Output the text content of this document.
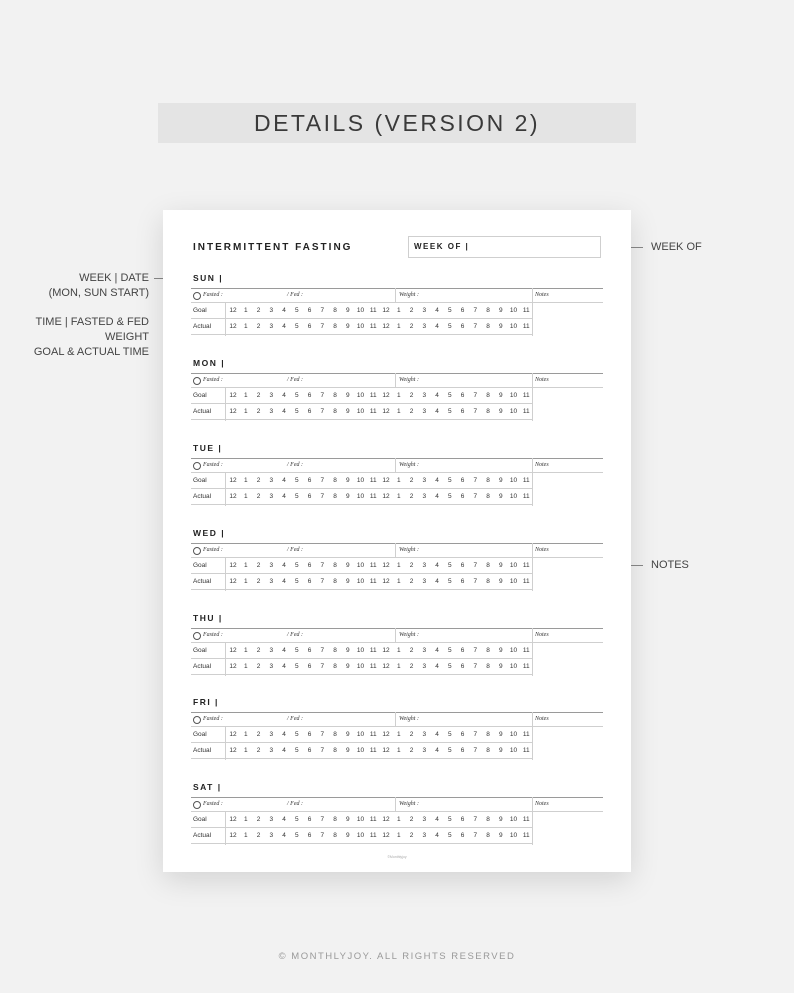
DETAILS (VERSION 2)
WEEK | DATE
(MON, SUN START)
TIME | FASTED & FED
WEIGHT
GOAL & ACTUAL TIME
WEEK OF
NOTES
INTERMITTENT FASTING	WEEK OF |
SUN |
Fasted :	/ Fed :	Weight :	Notes
Goal	12	1	2	3	4	5	6	7	8	9	10 11 12	1	2	3	4	5	6	7	8	9	10 11
Actual	12	1	2	3	4	5	6	7	8	9	10 11 12	1	2	3	4	5	6	7	8	9	10 11
MON |
Fasted :	/ Fed :	Weight :	Notes
Goal	12	1	2	3	4	5	6	7	8	9	10 11 12	1	2	3	4	5	6	7	8	9	10 11
Actual	12	1	2	3	4	5	6	7	8	9	10 11 12	1	2	3	4	5	6	7	8	9	10 11
TUE |
Fasted :	/ Fed :	Weight :	Notes
Goal	12	1	2	3	4	5	6	7	8	9	10 11 12	1	2	3	4	5	6	7	8	9	10 11
Actual	12	1	2	3	4	5	6	7	8	9	10 11 12	1	2	3	4	5	6	7	8	9	10 11
WED |
Fasted :	/ Fed :	Weight :	Notes
Goal	12	1	2	3	4	5	6	7	8	9	10 11 12	1	2	3	4	5	6	7	8	9	10 11
Actual	12	1	2	3	4	5	6	7	8	9	10 11 12	1	2	3	4	5	6	7	8	9	10 11
THU |
Fasted :	/ Fed :	Weight :	Notes
Goal	12	1	2	3	4	5	6	7	8	9	10 11 12	1	2	3	4	5	6	7	8	9	10 11
Actual	12	1	2	3	4	5	6	7	8	9	10 11 12	1	2	3	4	5	6	7	8	9	10 11
FRI |
Fasted :	/ Fed :	Weight :	Notes
Goal	12	1	2	3	4	5	6	7	8	9	10 11 12	1	2	3	4	5	6	7	8	9	10 11
Actual	12	1	2	3	4	5	6	7	8	9	10 11 12	1	2	3	4	5	6	7	8	9	10 11
SAT |
Fasted :	/ Fed :	Weight :	Notes
Goal	12	1	2	3	4	5	6	7	8	9	10 11 12	1	2	3	4	5	6	7	8	9	10 11
Actual	12	1	2	3	4	5	6	7	8	9	10 11 12	1	2	3	4	5	6	7	8	9	10 11
©Monthlyjoy
© MONTHLYJOY. ALL RIGHTS RESERVED
